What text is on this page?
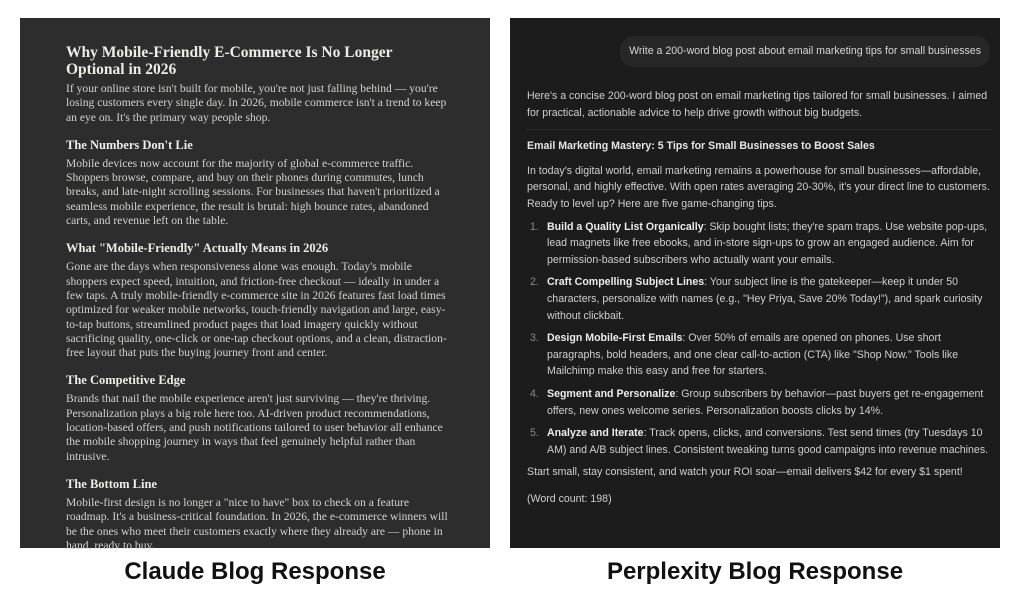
Why Mobile-Friendly E-Commerce Is No Longer Optional in 2026

If your online store isn't built for mobile, you're not just falling behind — you're losing customers every single day. In 2026, mobile commerce isn't a trend to keep an eye on. It's the primary way people shop.

The Numbers Don't Lie

Mobile devices now account for the majority of global e-commerce traffic. Shoppers browse, compare, and buy on their phones during commutes, lunch breaks, and late-night scrolling sessions. For businesses that haven't prioritized a seamless mobile experience, the result is brutal: high bounce rates, abandoned carts, and revenue left on the table.

What "Mobile-Friendly" Actually Means in 2026

Gone are the days when responsiveness alone was enough. Today's mobile shoppers expect speed, intuition, and friction-free checkout — ideally in under a few taps. A truly mobile-friendly e-commerce site in 2026 features fast load times optimized for weaker mobile networks, touch-friendly navigation and large, easy-to-tap buttons, streamlined product pages that load imagery quickly without sacrificing quality, one-click or one-tap checkout options, and a clean, distraction-free layout that puts the buying journey front and center.

The Competitive Edge

Brands that nail the mobile experience aren't just surviving — they're thriving. Personalization plays a big role here too. AI-driven product recommendations, location-based offers, and push notifications tailored to user behavior all enhance the mobile shopping journey in ways that feel genuinely helpful rather than intrusive.

The Bottom Line

Mobile-first design is no longer a "nice to have" box to check on a feature roadmap. It's a business-critical foundation. In 2026, the e-commerce winners will be the ones who meet their customers exactly where they already are — phone in hand, ready to buy.

Write a 200-word blog post about email marketing tips for small businesses

Here's a concise 200-word blog post on email marketing tips tailored for small businesses. I aimed for practical, actionable advice to help drive growth without big budgets.

Email Marketing Mastery: 5 Tips for Small Businesses to Boost Sales

In today's digital world, email marketing remains a powerhouse for small businesses—affordable, personal, and highly effective. With open rates averaging 20-30%, it's your direct line to customers. Ready to level up? Here are five game-changing tips.

1. Build a Quality List Organically: Skip bought lists; they're spam traps. Use website pop-ups, lead magnets like free ebooks, and in-store sign-ups to grow an engaged audience. Aim for permission-based subscribers who actually want your emails.
2. Craft Compelling Subject Lines: Your subject line is the gatekeeper—keep it under 50 characters, personalize with names (e.g., "Hey Priya, Save 20% Today!"), and spark curiosity without clickbait.
3. Design Mobile-First Emails: Over 50% of emails are opened on phones. Use short paragraphs, bold headers, and one clear call-to-action (CTA) like "Shop Now." Tools like Mailchimp make this easy and free for starters.
4. Segment and Personalize: Group subscribers by behavior—past buyers get re-engagement offers, new ones welcome series. Personalization boosts clicks by 14%.
5. Analyze and Iterate: Track opens, clicks, and conversions. Test send times (try Tuesdays 10 AM) and A/B subject lines. Consistent tweaking turns good campaigns into revenue machines.

Start small, stay consistent, and watch your ROI soar—email delivers $42 for every $1 spent!

(Word count: 198)

Claude Blog Response	Perplexity Blog Response
